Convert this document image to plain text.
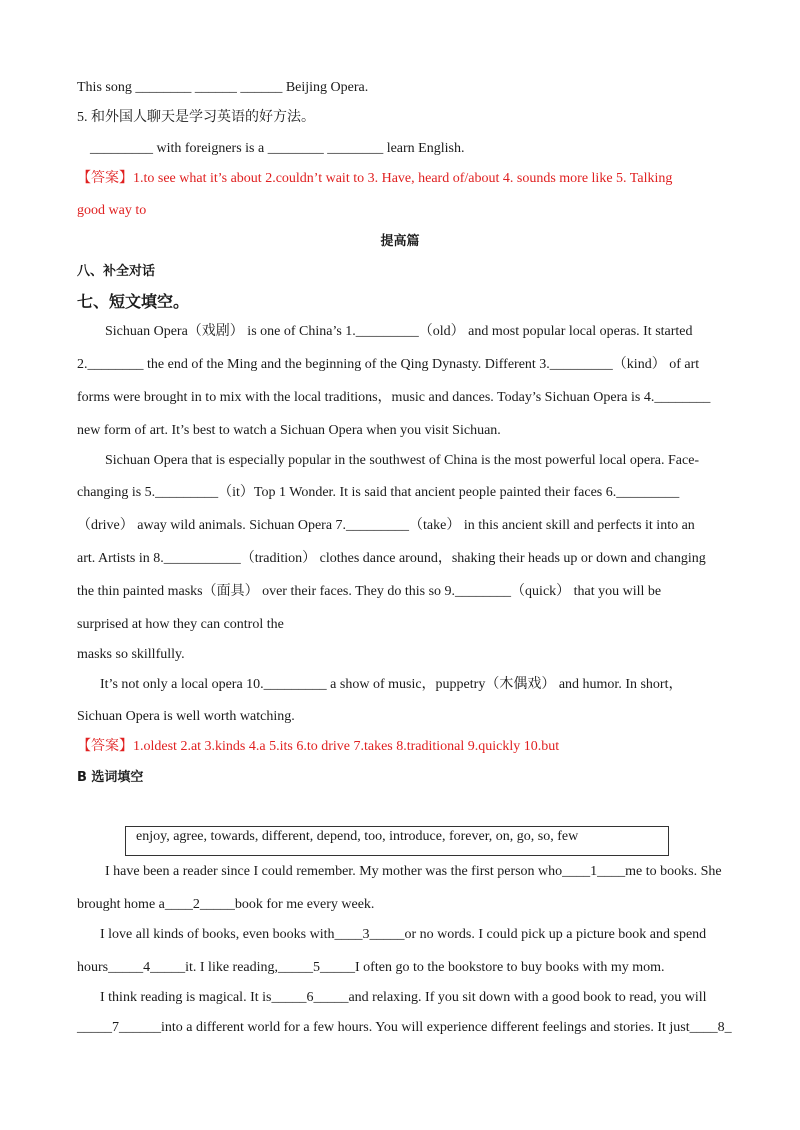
This song ________ ______ ______ Beijing Opera.
5. 和外国人聊天是学习英语的好方法。
_________ with foreigners is a ________ ________ learn English.
【答案】1.to see what it’s about 2.couldn’t wait to 3. Have, heard of/about 4. sounds more like 5. Talking
good way to
提高篇
八、补全对话
七、短文填空。
Sichuan Opera（戏剧） is one of China’s 1._________（old） and most popular local operas. It started
2.________ the end of the Ming and the beginning of the Qing Dynasty. Different 3._________（kind） of art
forms were brought in to mix with the local traditions，music and dances. Today’s Sichuan Opera is 4.________
new form of art. It’s best to watch a Sichuan Opera when you visit Sichuan.
Sichuan Opera that is especially popular in the southwest of China is the most powerful local opera. Face-
changing is 5._________（it）Top 1 Wonder. It is said that ancient people painted their faces 6._________
（drive） away wild animals. Sichuan Opera 7._________（take） in this ancient skill and perfects it into an
art. Artists in 8.___________（tradition） clothes dance around，shaking their heads up or down and changing
the thin painted masks（面具） over their faces. They do this so 9.________（quick） that you will be
surprised at how they can control the
masks so skillfully.
It’s not only a local opera 10._________ a show of music，puppetry（木偶戏） and humor. In short，
Sichuan Opera is well worth watching.
【答案】1.oldest 2.at 3.kinds 4.a 5.its 6.to drive 7.takes 8.traditional 9.quickly 10.but
B 选词填空
enjoy, agree, towards, different, depend, too, introduce, forever, on, go, so, few
I have been a reader since I could remember. My mother was the first person who____1____me to books. She
brought home a____2_____book for me every week.
I love all kinds of books, even books with____3_____or no words. I could pick up a picture book and spend
hours_____4_____it. I like reading,_____5_____I often go to the bookstore to buy books with my mom.
I think reading is magical. It is_____6_____and relaxing. If you sit down with a good book to read, you will
_____7______into a different world for a few hours. You will experience different feelings and stories. It just____8_
